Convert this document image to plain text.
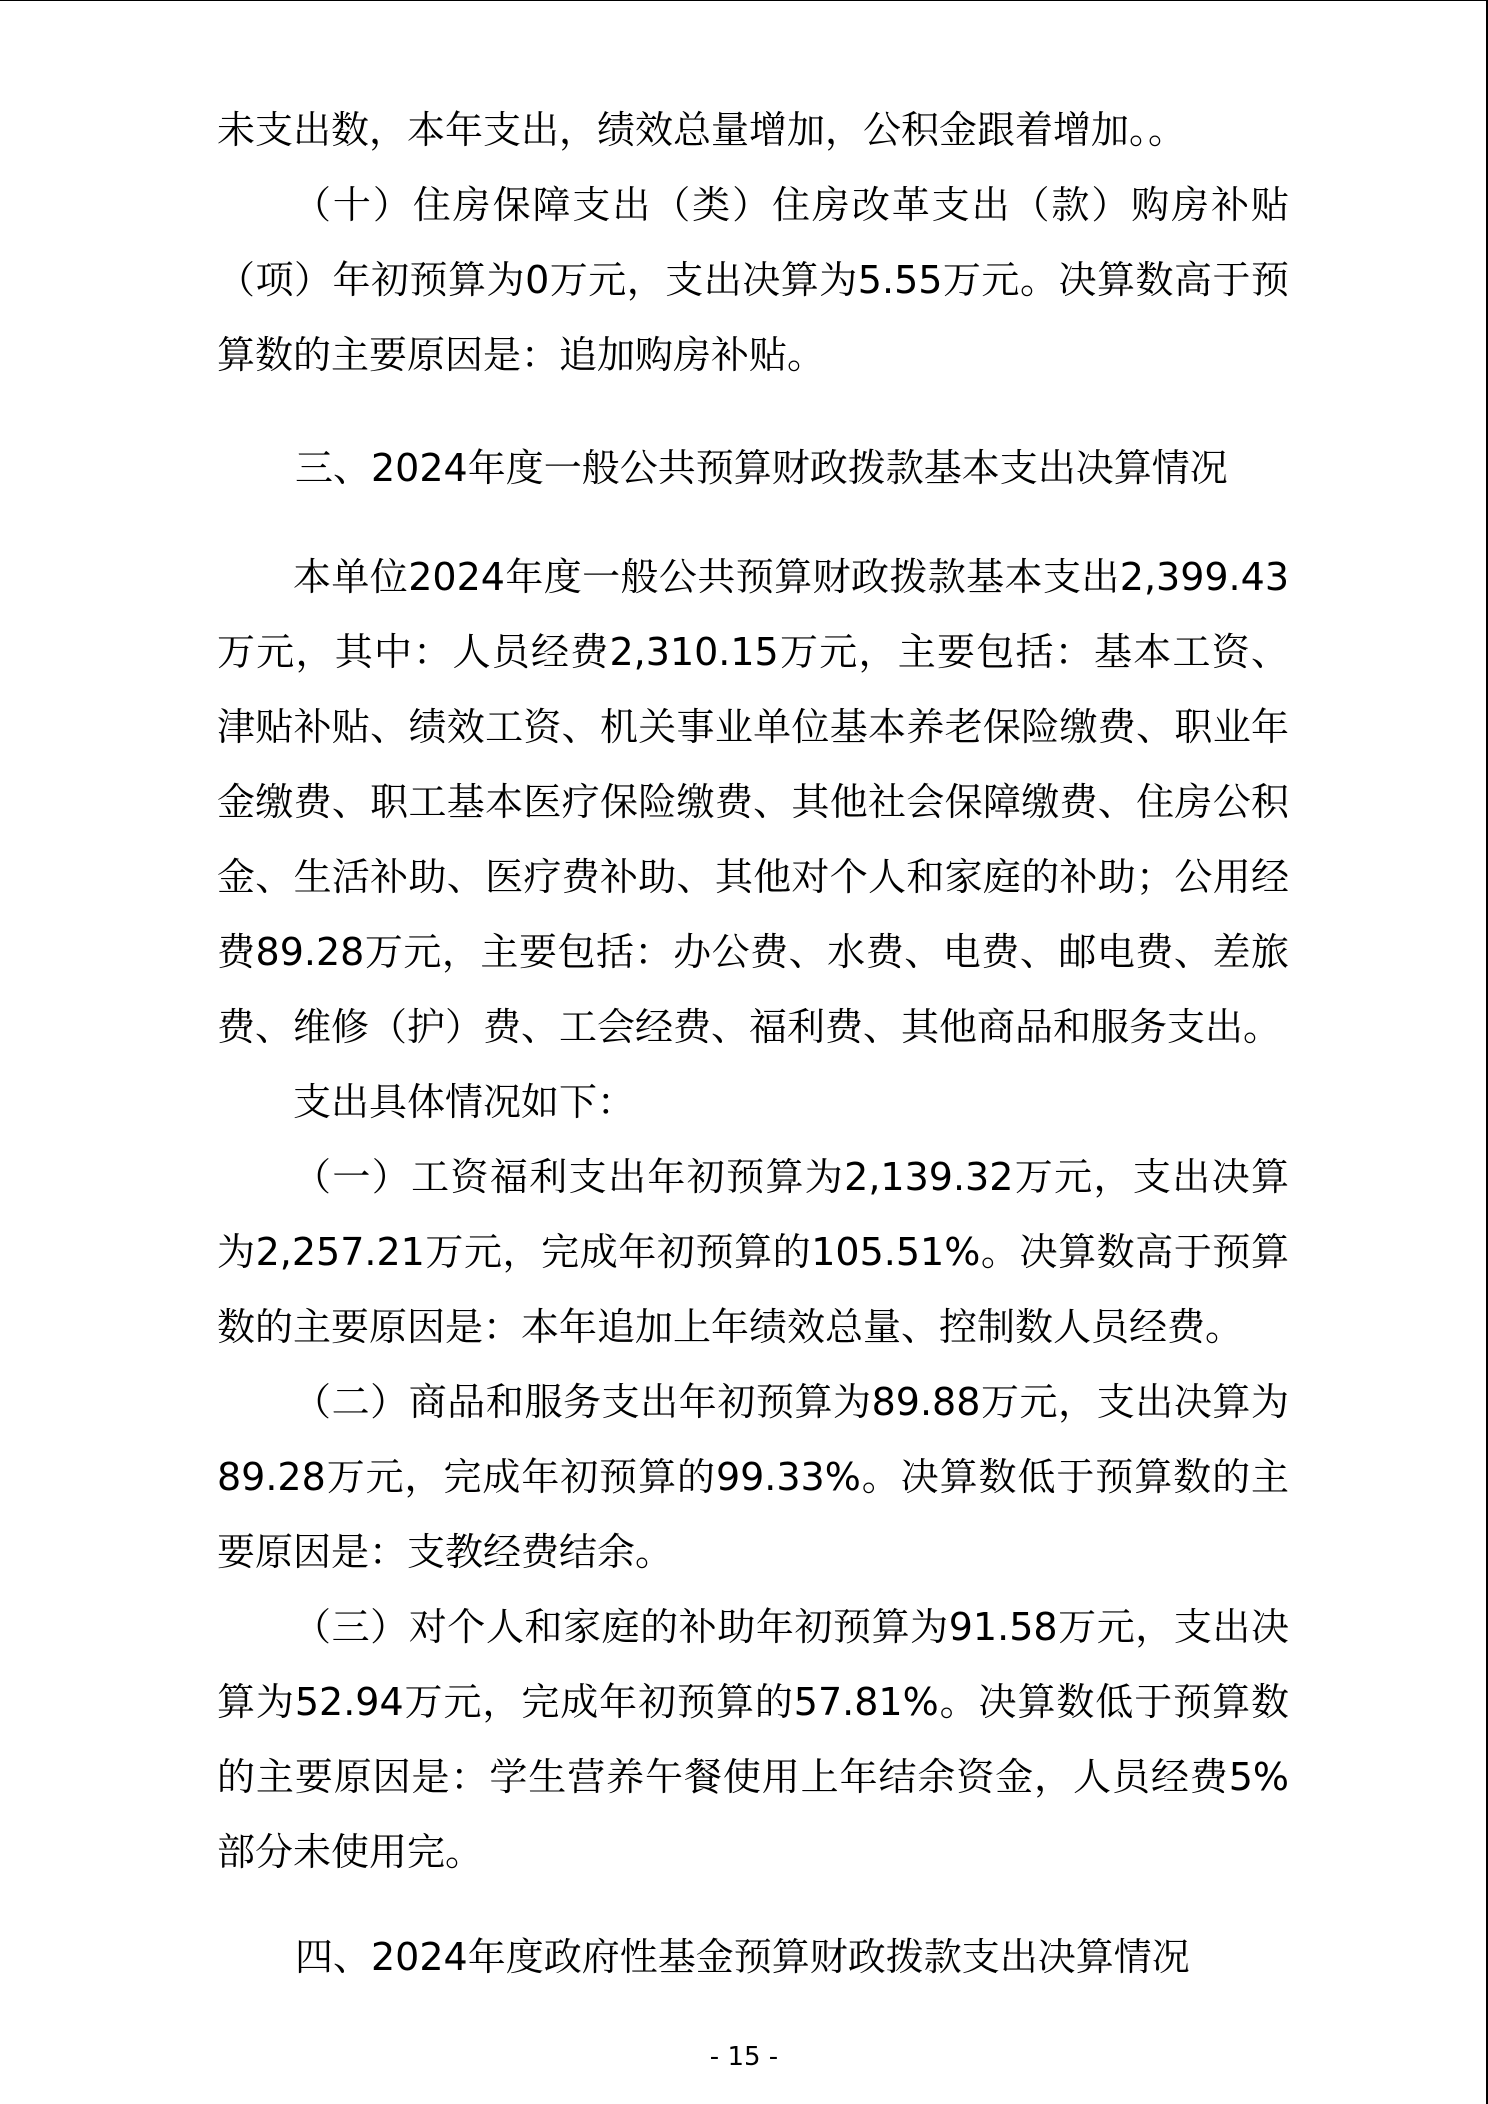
未支出数，本年支出，绩效总量增加，公积金跟着增加。。

（十）住房保障支出（类）住房改革支出（款）购房补贴（项）年初预算为0万元，支出决算为5.55万元。决算数高于预算数的主要原因是：追加购房补贴。

三、2024年度一般公共预算财政拨款基本支出决算情况

本单位2024年度一般公共预算财政拨款基本支出2,399.43万元，其中：人员经费2,310.15万元，主要包括：基本工资、津贴补贴、绩效工资、机关事业单位基本养老保险缴费、职业年金缴费、职工基本医疗保险缴费、其他社会保障缴费、住房公积金、生活补助、医疗费补助、其他对个人和家庭的补助；公用经费89.28万元，主要包括：办公费、水费、电费、邮电费、差旅费、维修（护）费、工会经费、福利费、其他商品和服务支出。

支出具体情况如下：

（一）工资福利支出年初预算为2,139.32万元，支出决算为2,257.21万元，完成年初预算的105.51%。决算数高于预算数的主要原因是：本年追加上年绩效总量、控制数人员经费。

（二）商品和服务支出年初预算为89.88万元，支出决算为89.28万元，完成年初预算的99.33%。决算数低于预算数的主要原因是：支教经费结余。

（三）对个人和家庭的补助年初预算为91.58万元，支出决算为52.94万元，完成年初预算的57.81%。决算数低于预算数的主要原因是：学生营养午餐使用上年结余资金，人员经费5%部分未使用完。

四、2024年度政府性基金预算财政拨款支出决算情况

- 15 -
